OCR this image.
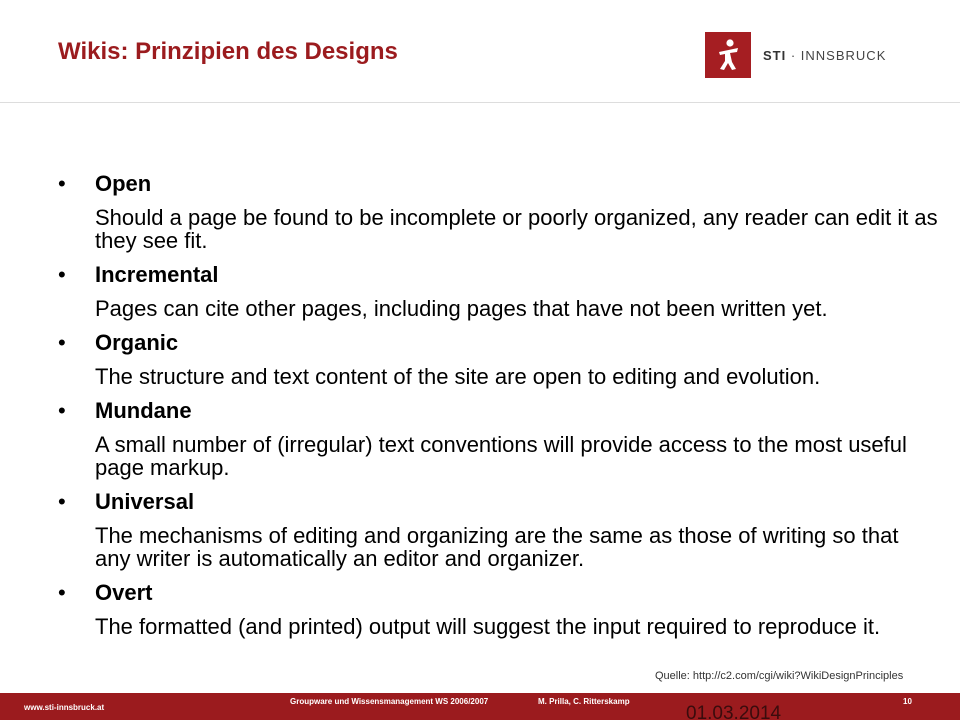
Wikis: Prinzipien des Designs	STI · INNSBRUCK
• Open
Should a page be found to be incomplete or poorly organized, any reader can edit it as they see fit.
• Incremental
Pages can cite other pages, including pages that have not been written yet.
• Organic
The structure and text content of the site are open to editing and evolution.
• Mundane
A small number of (irregular) text conventions will provide access to the most useful page markup.
• Universal
The mechanisms of editing and organizing are the same as those of writing so that any writer is automatically an editor and organizer.
• Overt
The formatted (and printed) output will suggest the input required to reproduce it.
Quelle: http://c2.com/cgi/wiki?WikiDesignPrinciples
www.sti-innsbruck.at
Groupware und Wissensmanagement WS 2006/2007	M. Prilla, C. Ritterskamp	10
01.03.2014
